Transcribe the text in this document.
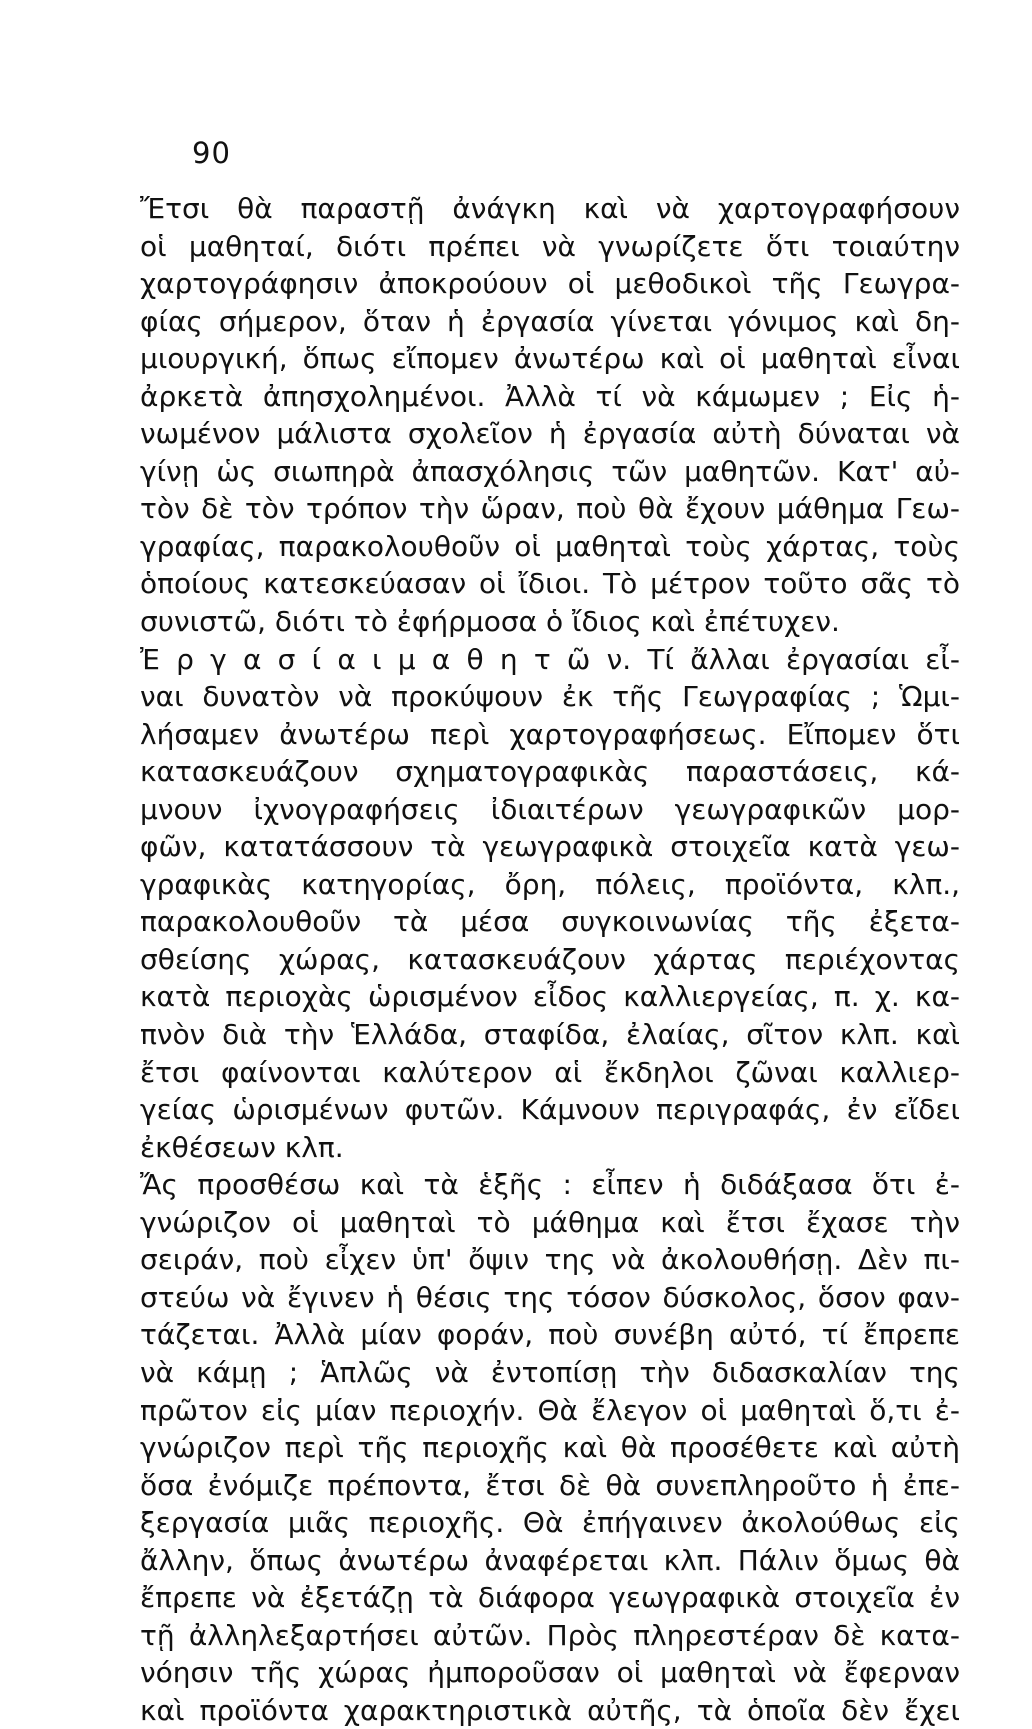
90
Ἔτσι θὰ παραστῇ ἀνάγκη καὶ νὰ χαρτογραφήσουν
οἱ μαθηταί, διότι πρέπει νὰ γνωρίζετε ὅτι τοιαύτην
χαρτογράφησιν ἀποκρούουν οἱ μεθοδικοὶ τῆς Γεωγρα-
φίας σήμερον, ὅταν ἡ ἐργασία γίνεται γόνιμος καὶ δη-
μιουργική, ὅπως εἴπομεν ἀνωτέρω καὶ οἱ μαθηταὶ εἶναι
ἀρκετὰ ἀπησχολημένοι. Ἀλλὰ τί νὰ κάμωμεν ; Εἰς ἡ-
νωμένον μάλιστα σχολεῖον ἡ ἐργασία αὐτὴ δύναται νὰ
γίνῃ ὡς σιωπηρὰ ἀπασχόλησις τῶν μαθητῶν. Κατ' αὐ-
τὸν δὲ τὸν τρόπον τὴν ὥραν, ποὺ θὰ ἔχουν μάθημα Γεω-
γραφίας, παρακολουθοῦν οἱ μαθηταὶ τοὺς χάρτας, τοὺς
ὁποίους κατεσκεύασαν οἱ ἴδιοι. Τὸ μέτρον τοῦτο σᾶς τὸ
συνιστῶ, διότι τὸ ἐφήρμοσα ὁ ἴδιος καὶ ἐπέτυχεν.
Ἐ ρ γ α σ ί α ι μ α θ η τ ῶ ν. Τί ἄλλαι ἐργασίαι εἶ-
ναι δυνατὸν νὰ προκύψουν ἐκ τῆς Γεωγραφίας ; Ὡμι-
λήσαμεν ἀνωτέρω περὶ χαρτογραφήσεως. Εἴπομεν ὅτι
κατασκευάζουν σχηματογραφικὰς παραστάσεις, κά-
μνουν ἰχνογραφήσεις ἰδιαιτέρων γεωγραφικῶν μορ-
φῶν, κατατάσσουν τὰ γεωγραφικὰ στοιχεῖα κατὰ γεω-
γραφικὰς κατηγορίας, ὄρη, πόλεις, προϊόντα, κλπ.,
παρακολουθοῦν τὰ μέσα συγκοινωνίας τῆς ἐξετα-
σθείσης χώρας, κατασκευάζουν χάρτας περιέχοντας
κατὰ περιοχὰς ὡρισμένον εἶδος καλλιεργείας, π. χ. κα-
πνὸν διὰ τὴν Ἑλλάδα, σταφίδα, ἐλαίας, σῖτον κλπ. καὶ
ἔτσι φαίνονται καλύτερον αἱ ἔκδηλοι ζῶναι καλλιερ-
γείας ὡρισμένων φυτῶν. Κάμνουν περιγραφάς, ἐν εἴδει
ἐκθέσεων κλπ.
Ἄς προσθέσω καὶ τὰ ἑξῆς : εἶπεν ἡ διδάξασα ὅτι ἐ-
γνώριζον οἱ μαθηταὶ τὸ μάθημα καὶ ἔτσι ἔχασε τὴν
σειράν, ποὺ εἶχεν ὑπ' ὄψιν της νὰ ἀκολουθήσῃ. Δὲν πι-
στεύω νὰ ἔγινεν ἡ θέσις της τόσον δύσκολος, ὅσον φαν-
τάζεται. Ἀλλὰ μίαν φοράν, ποὺ συνέβη αὐτό, τί ἔπρεπε
νὰ κάμῃ ; Ἁπλῶς νὰ ἐντοπίσῃ τὴν διδασκαλίαν της
πρῶτον εἰς μίαν περιοχήν. Θὰ ἔλεγον οἱ μαθηταὶ ὅ,τι ἐ-
γνώριζον περὶ τῆς περιοχῆς καὶ θὰ προσέθετε καὶ αὐτὴ
ὅσα ἐνόμιζε πρέποντα, ἔτσι δὲ θὰ συνεπληροῦτο ἡ ἐπε-
ξεργασία μιᾶς περιοχῆς. Θὰ ἐπήγαινεν ἀκολούθως εἰς
ἄλλην, ὅπως ἀνωτέρω ἀναφέρεται κλπ. Πάλιν ὅμως θὰ
ἔπρεπε νὰ ἐξετάζῃ τὰ διάφορα γεωγραφικὰ στοιχεῖα ἐν
τῇ ἀλληλεξαρτήσει αὐτῶν. Πρὸς πληρεστέραν δὲ κατα-
νόησιν τῆς χώρας ἠμποροῦσαν οἱ μαθηταὶ νὰ ἔφερναν
καὶ προϊόντα χαρακτηριστικὰ αὐτῆς, τὰ ὁποῖα δὲν ἔχει
